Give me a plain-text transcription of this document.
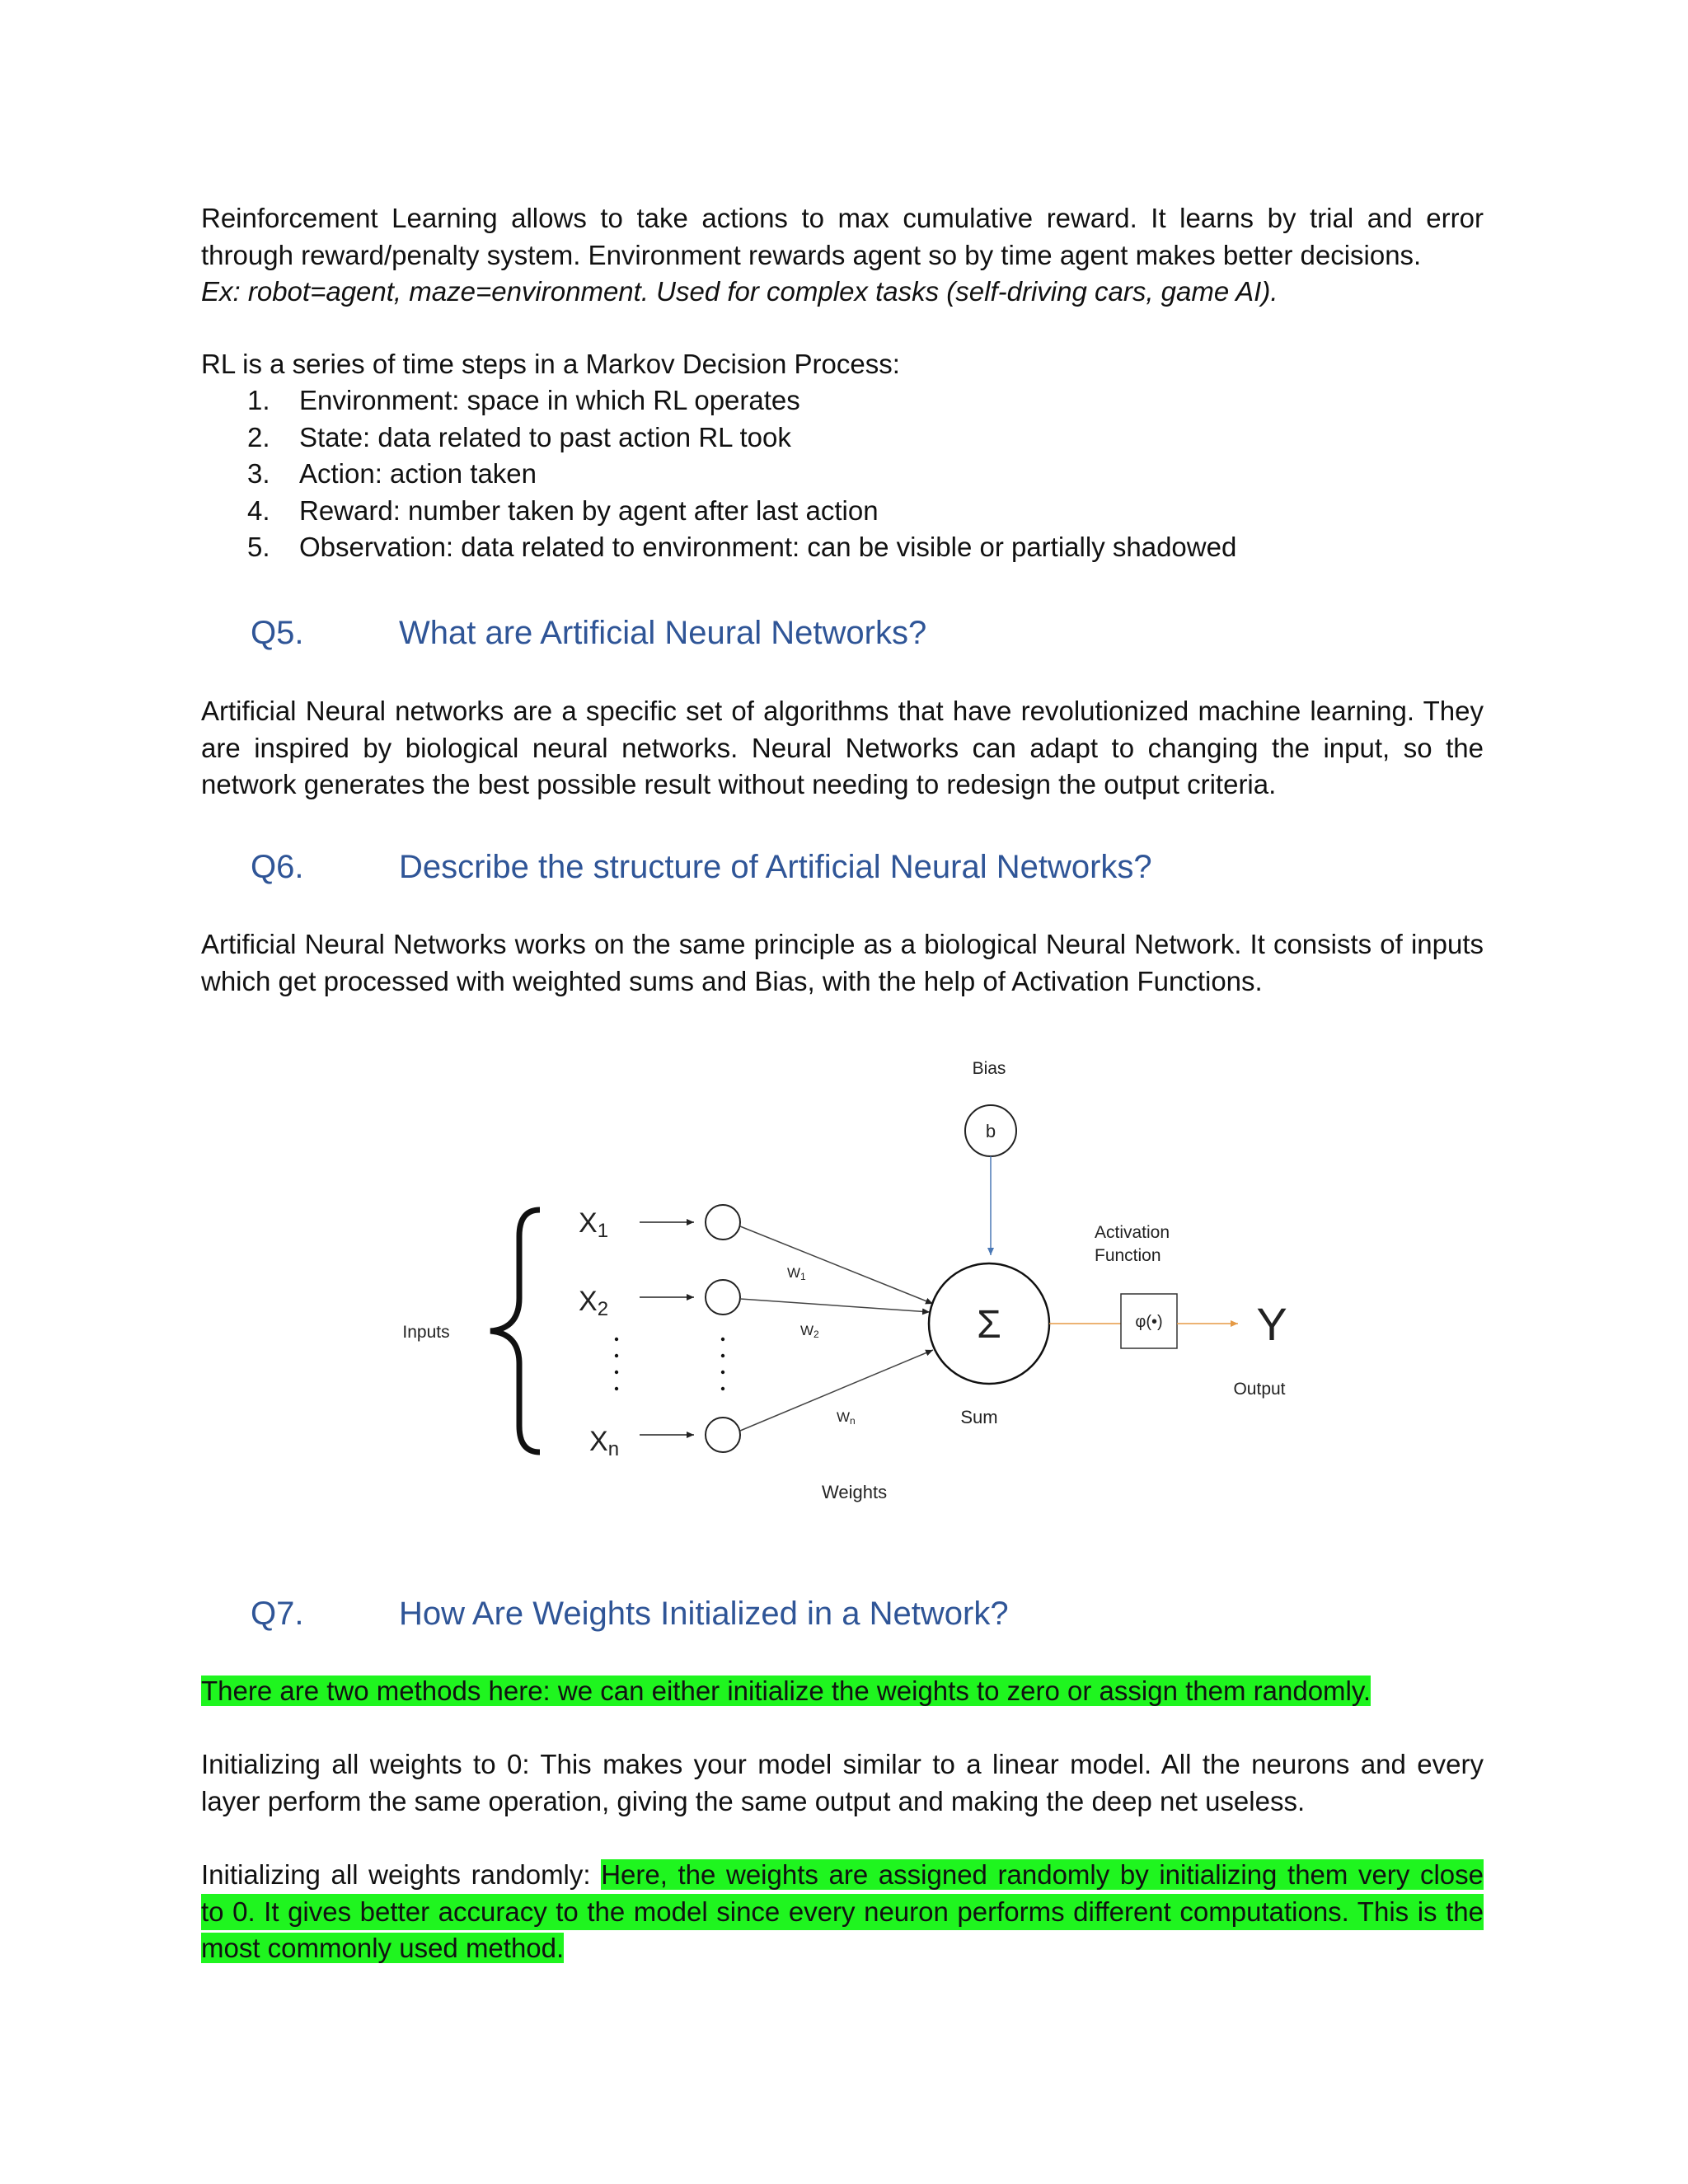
Reinforcement Learning allows to take actions to max cumulative reward. It learns by trial and error
through reward/penalty system. Environment rewards agent so by time agent makes better decisions.
Ex: robot=agent, maze=environment. Used for complex tasks (self-driving cars, game AI).
RL is a series of time steps in a Markov Decision Process:
1. Environment: space in which RL operates
2. State: data related to past action RL took
3. Action: action taken
4. Reward: number taken by agent after last action
5. Observation: data related to environment: can be visible or partially shadowed
Q5.	What are Artificial Neural Networks?
Artificial Neural networks are a specific set of algorithms that have revolutionized machine learning. They
are inspired by biological neural networks. Neural Networks can adapt to changing the input, so the
network generates the best possible result without needing to redesign the output criteria.
Q6.	Describe the structure of Artificial Neural Networks?
Artificial Neural Networks works on the same principle as a biological Neural Network. It consists of inputs
which get processed with weighted sums and Bias, with the help of Activation Functions.
Bias
b
Inputs
X1
X2
Xn
W1
W2
Wn
Weights
Σ
Sum
Activation
Function
φ(•) Y
Output
Q7.	How Are Weights Initialized in a Network?
There are two methods here: we can either initialize the weights to zero or assign them randomly.
Initializing all weights to 0: This makes your model similar to a linear model. All the neurons and every
layer perform the same operation, giving the same output and making the deep net useless.
Initializing all weights randomly: Here, the weights are assigned randomly by initializing them very close
to 0. It gives better accuracy to the model since every neuron performs different computations. This is the
most commonly used method.
